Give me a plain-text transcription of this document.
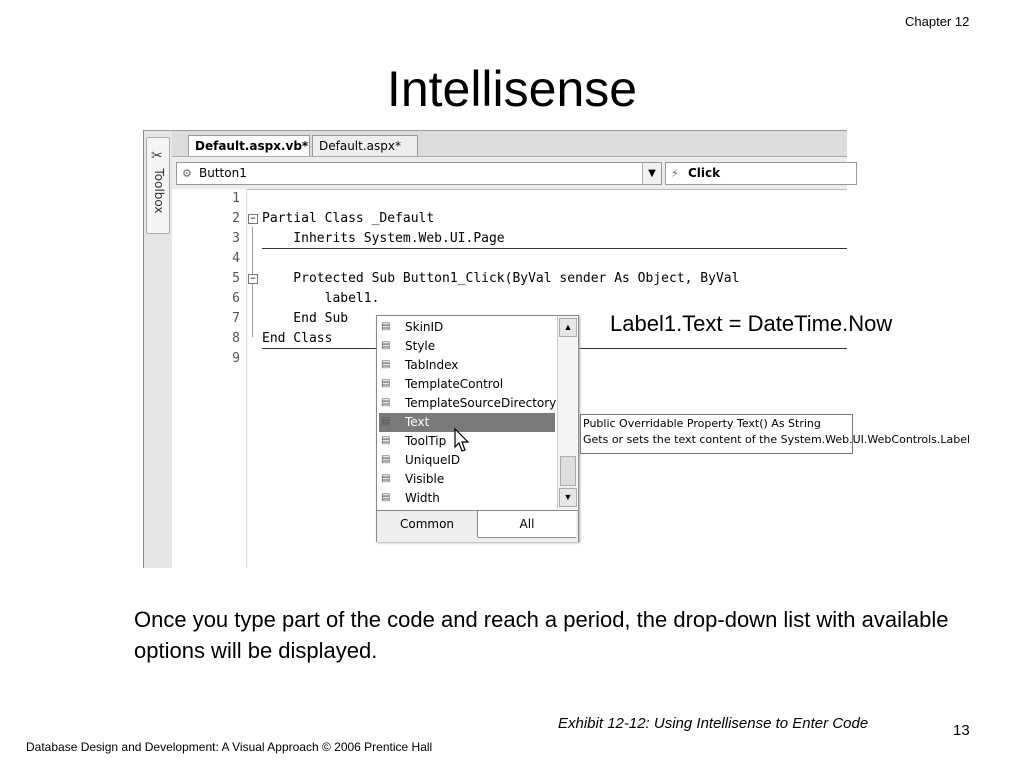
Chapter 12
Intellisense
✂
Toolbox
Default.aspx.vb* Default.aspx*
⚙ Button1	▼	⚡ Click
1
2 − Partial Class _Default
3 Inherits System.Web.UI.Page
4
5 − Protected Sub Button1_Click(ByVal sender As Object, ByVal
6 label1.
7 End Sub
8 End Class
9
▤	SkinID
▤	Style
▤	TabIndex
▤	TemplateControl
▤	TemplateSourceDirectory
▤	Text
▤	ToolTip
▤	UniqueID
▤	Visible
▤	Width
▲
▼
Common	All
Public Overridable Property Text() As String
Gets or sets the text content of the System.Web.UI.WebControls.Label
Label1.Text = DateTime.Now
Once you type part of the code and reach a period, the drop-down list with available options will be displayed.
Exhibit 12-12: Using Intellisense to Enter Code	13
Database Design and Development: A Visual Approach © 2006 Prentice Hall
